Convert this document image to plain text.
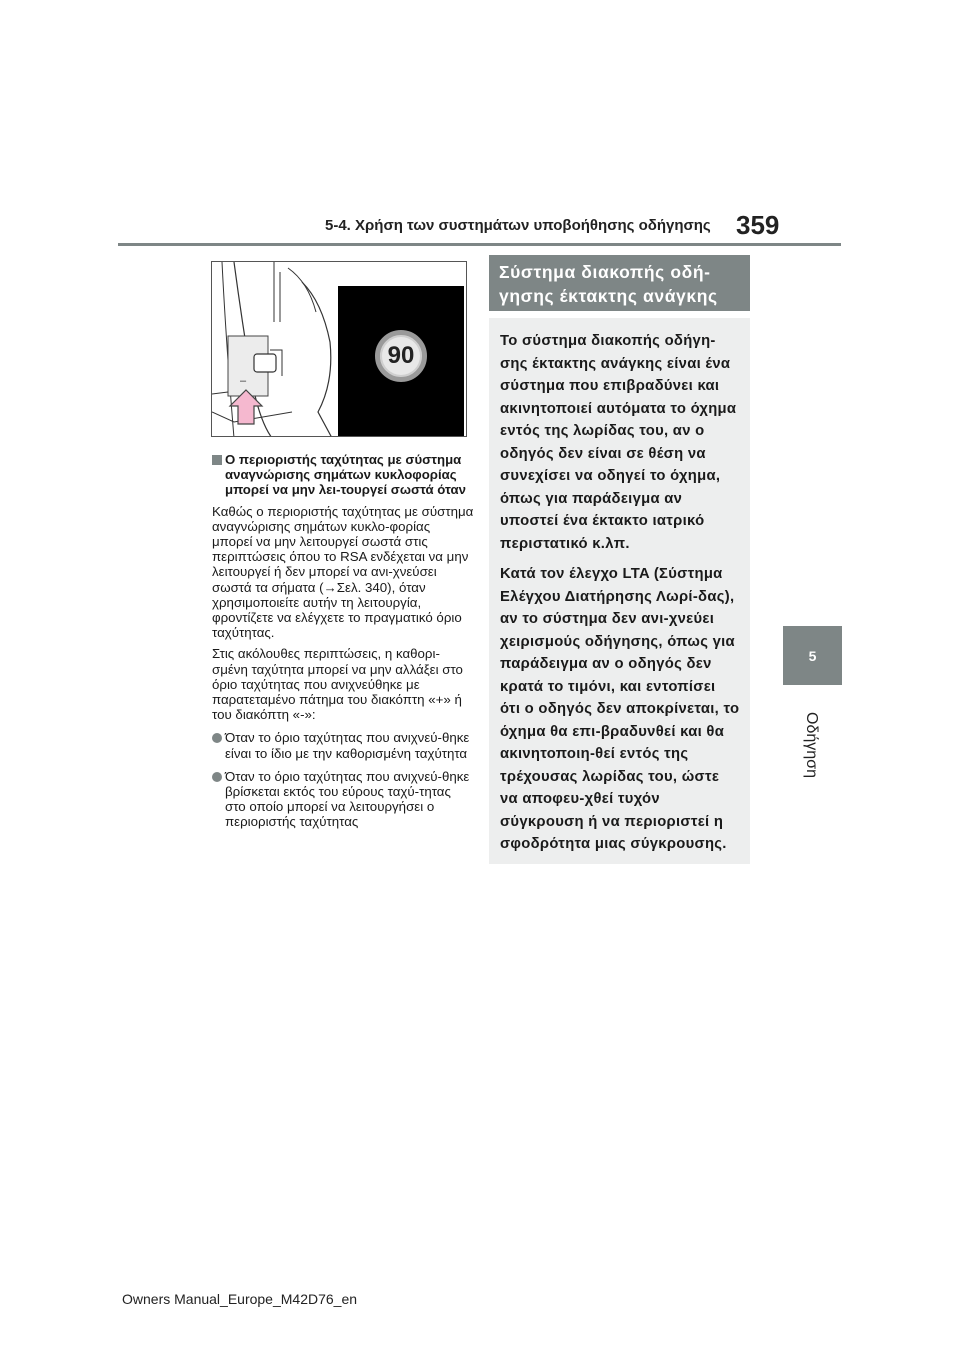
5-4. Χρήση των συστημάτων υποβοήθησης οδήγησης 359
5
Οδήγηση
–
90
Ο περιοριστής ταχύτητας με σύστημα αναγνώρισης σημάτων κυκλοφορίας μπορεί να μην λει-τουργεί σωστά όταν

Καθώς ο περιοριστής ταχύτητας με σύστημα αναγνώρισης σημάτων κυκλο-φορίας μπορεί να μην λειτουργεί σωστά στις περιπτώσεις όπου το RSA ενδέχεται να μην λειτουργεί ή δεν μπορεί να ανι-χνεύσει σωστά τα σήματα (→Σελ. 340), όταν χρησιμοποιείτε αυτήν τη λειτουργία, φροντίζετε να ελέγχετε το πραγματικό όριο ταχύτητας.

Στις ακόλουθες περιπτώσεις, η καθορι-σμένη ταχύτητα μπορεί να μην αλλάξει στο όριο ταχύτητας που ανιχνεύθηκε με παρατεταμένο πάτημα του διακόπτη «+» ή του διακόπτη «-»:

Όταν το όριο ταχύτητας που ανιχνεύ-θηκε είναι το ίδιο με την καθορισμένη ταχύτητα
Όταν το όριο ταχύτητας που ανιχνεύ-θηκε βρίσκεται εκτός του εύρους ταχύ-τητας στο οποίο μπορεί να λειτουργήσει ο περιοριστής ταχύτητας
Σύστημα διακοπής οδή-γησης έκτακτης ανάγκης

Το σύστημα διακοπής οδήγη-σης έκτακτης ανάγκης είναι ένα σύστημα που επιβραδύνει και ακινητοποιεί αυτόματα το όχημα εντός της λωρίδας του, αν ο οδηγός δεν είναι σε θέση να συνεχίσει να οδηγεί το όχημα, όπως για παράδειγμα αν υποστεί ένα έκτακτο ιατρικό περιστατικό κ.λπ.

Κατά τον έλεγχο LTA (Σύστημα Ελέγχου Διατήρησης Λωρί-δας), αν το σύστημα δεν ανι-χνεύει χειρισμούς οδήγησης, όπως για παράδειγμα αν ο οδηγός δεν κρατά το τιμόνι, και εντοπίσει ότι ο οδηγός δεν αποκρίνεται, το όχημα θα επι-βραδυνθεί και θα ακινητοποιη-θεί εντός της τρέχουσας λωρίδας του, ώστε να αποφευ-χθεί τυχόν σύγκρουση ή να περιοριστεί η σφοδρότητα μιας σύγκρουσης.

Owners Manual_Europe_M42D76_en
